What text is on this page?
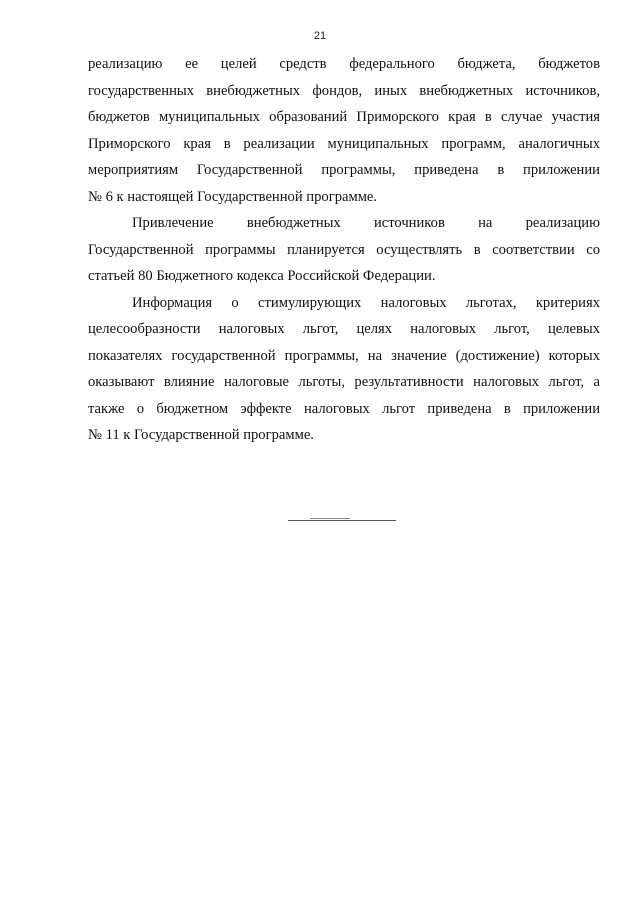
21
реализацию ее целей средств федерального бюджета, бюджетов
государственных внебюджетных фондов, иных внебюджетных источников,
бюджетов муниципальных образований Приморского края в случае участия
Приморского края в реализации муниципальных программ, аналогичных
мероприятиям Государственной программы, приведена в приложении
№ 6 к настоящей Государственной программе.
Привлечение внебюджетных источников на реализацию
Государственной программы планируется осуществлять в соответствии со
статьей 80 Бюджетного кодекса Российской Федерации.
Информация о стимулирующих налоговых льготах, критериях
целесообразности налоговых льгот, целях налоговых льгот, целевых
показателях государственной программы, на значение (достижение) которых
оказывают влияние налоговые льготы, результативности налоговых льгот, а
также о бюджетном эффекте налоговых льгот приведена в приложении
№ 11 к Государственной программе.
